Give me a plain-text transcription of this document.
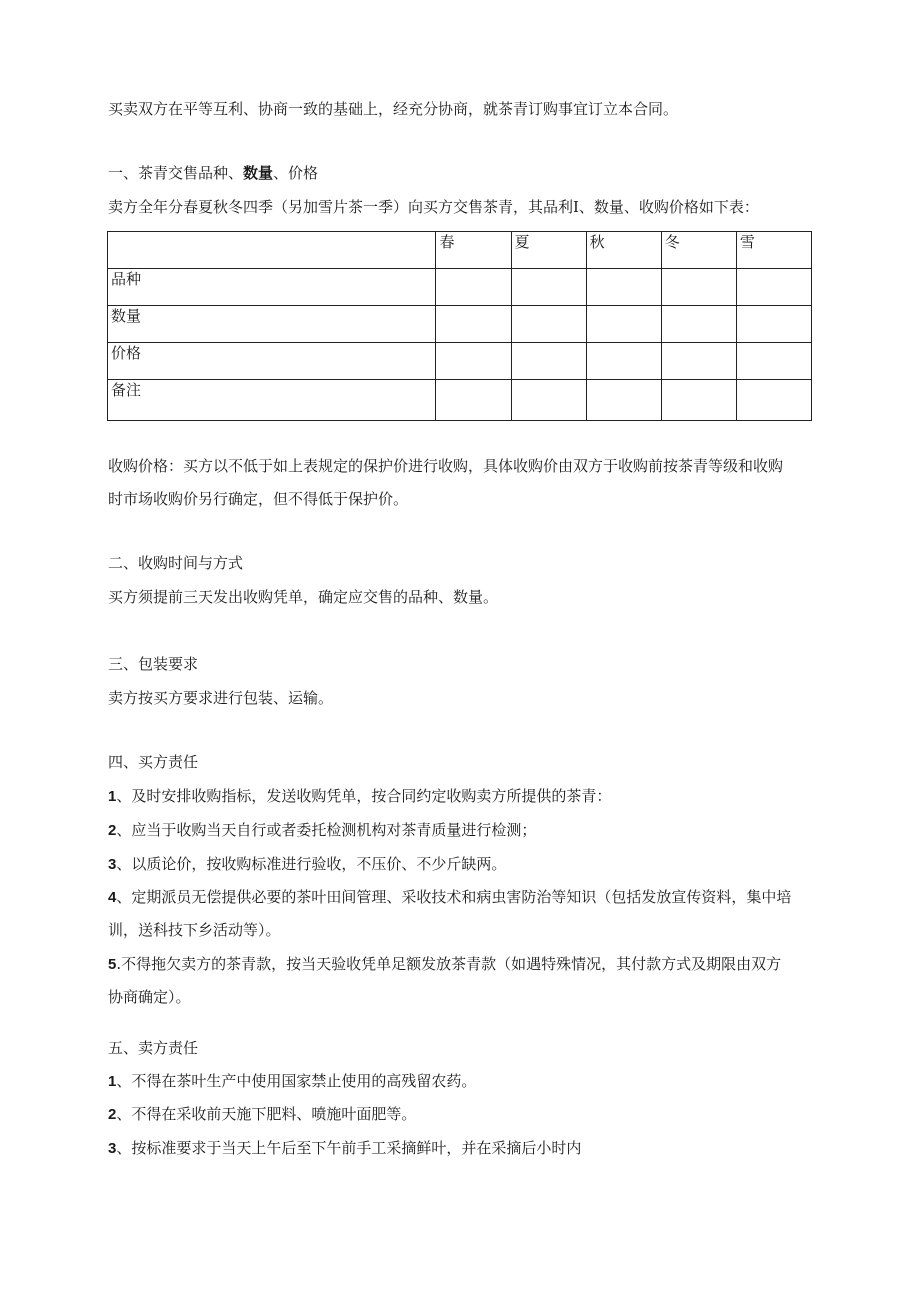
买卖双方在平等互利、协商一致的基础上，经充分协商，就茶青订购事宜订立本合同。
一、茶青交售品种、数量、价格
卖方全年分春夏秋冬四季（另加雪片茶一季）向买方交售茶青，其品利I、数量、收购价格如下表：
	春	夏	秋	冬	雪
品种					
数量					
价格					
备注					
收购价格：买方以不低于如上表规定的保护价进行收购，具体收购价由双方于收购前按茶青等级和收购
时市场收购价另行确定，但不得低于保护价。
二、收购时间与方式
买方须提前三天发出收购凭单，确定应交售的品种、数量。
三、包装要求
卖方按买方要求进行包装、运输。
四、买方责任
1、及时安排收购指标，发送收购凭单，按合同约定收购卖方所提供的茶青：
2、应当于收购当天自行或者委托检测机构对茶青质量进行检测；
3、以质论价，按收购标准进行验收，不压价、不少斤缺两。
4、定期派员无偿提供必要的茶叶田间管理、采收技术和病虫害防治等知识（包括发放宣传资料，集中培
训，送科技下乡活动等）。
5.不得拖欠卖方的茶青款，按当天验收凭单足额发放茶青款（如遇特殊情况，其付款方式及期限由双方
协商确定）。
五、卖方责任
1、不得在茶叶生产中使用国家禁止使用的高残留农药。
2、不得在采收前天施下肥料、喷施叶面肥等。
3、按标准要求于当天上午后至下午前手工采摘鲜叶，并在采摘后小时内
